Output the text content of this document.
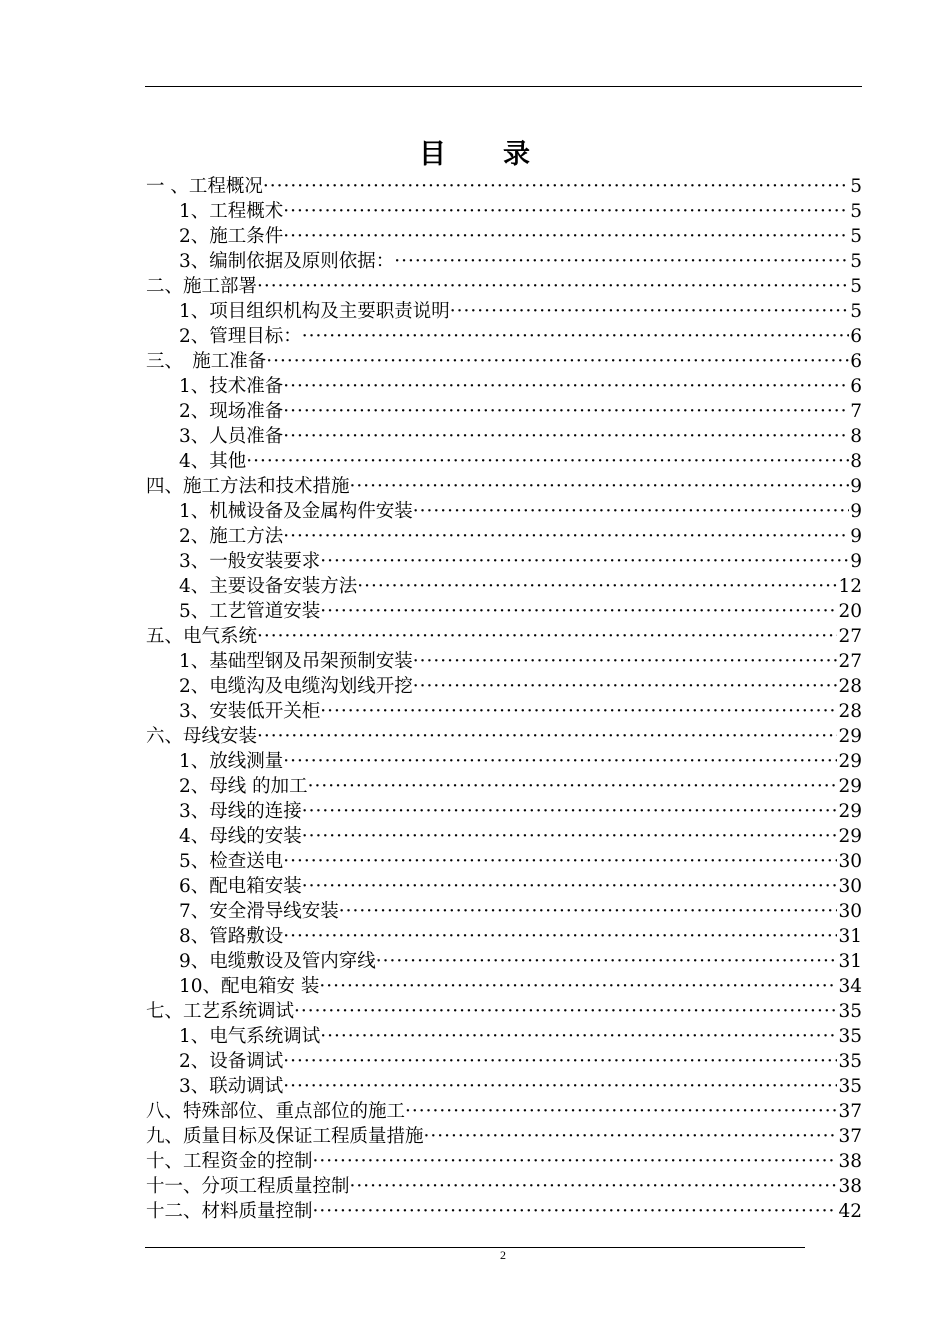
目 录
一 、工程概况 ·····	5
1、工程概术 ·····	5
2、施工条件 ·····	5
3、编制依据及原则依据： ·····	5
二、施工部署 ·····	5
1、项目组织机构及主要职责说明 ·····	5
2、管理目标： ·····	6
三、　施工准备 ·····	6
1、技术准备 ·····	6
2、现场准备 ·····	7
3、人员准备 ·····	8
4、其他 ·····	8
四、施工方法和技术措施 ·····	9
1、机械设备及金属构件安装 ·····	9
2、施工方法 ·····	9
3、一般安装要求 ·····	9
4、主要设备安装方法 ·····	12
5、工艺管道安装 ·····	20
五、电气系统 ·····	27
1、基础型钢及吊架预制安装 ·····	27
2、电缆沟及电缆沟划线开挖 ·····	28
3、安装低开关柜 ·····	28
六、母线安装 ·····	29
1、放线测量 ·····	29
2、母线 的加工 ·····	29
3、母线的连接 ·····	29
4、母线的安装 ·····	29
5、检查送电 ·····	30
6、配电箱安装 ·····	30
7、安全滑导线安装 ·····	30
8、管路敷设 ·····	31
9、电缆敷设及管内穿线 ·····	31
10、配电箱安 装 ·····	34
七、工艺系统调试 ·····	35
1、电气系统调试 ·····	35
2、设备调试 ·····	35
3、联动调试 ·····	35
八、特殊部位、重点部位的施工 ·····	37
九、质量目标及保证工程质量措施 ·····	37
十、工程资金的控制 ·····	38
十一、分项工程质量控制 ·····	38
十二、材料质量控制 ·····	42
2
